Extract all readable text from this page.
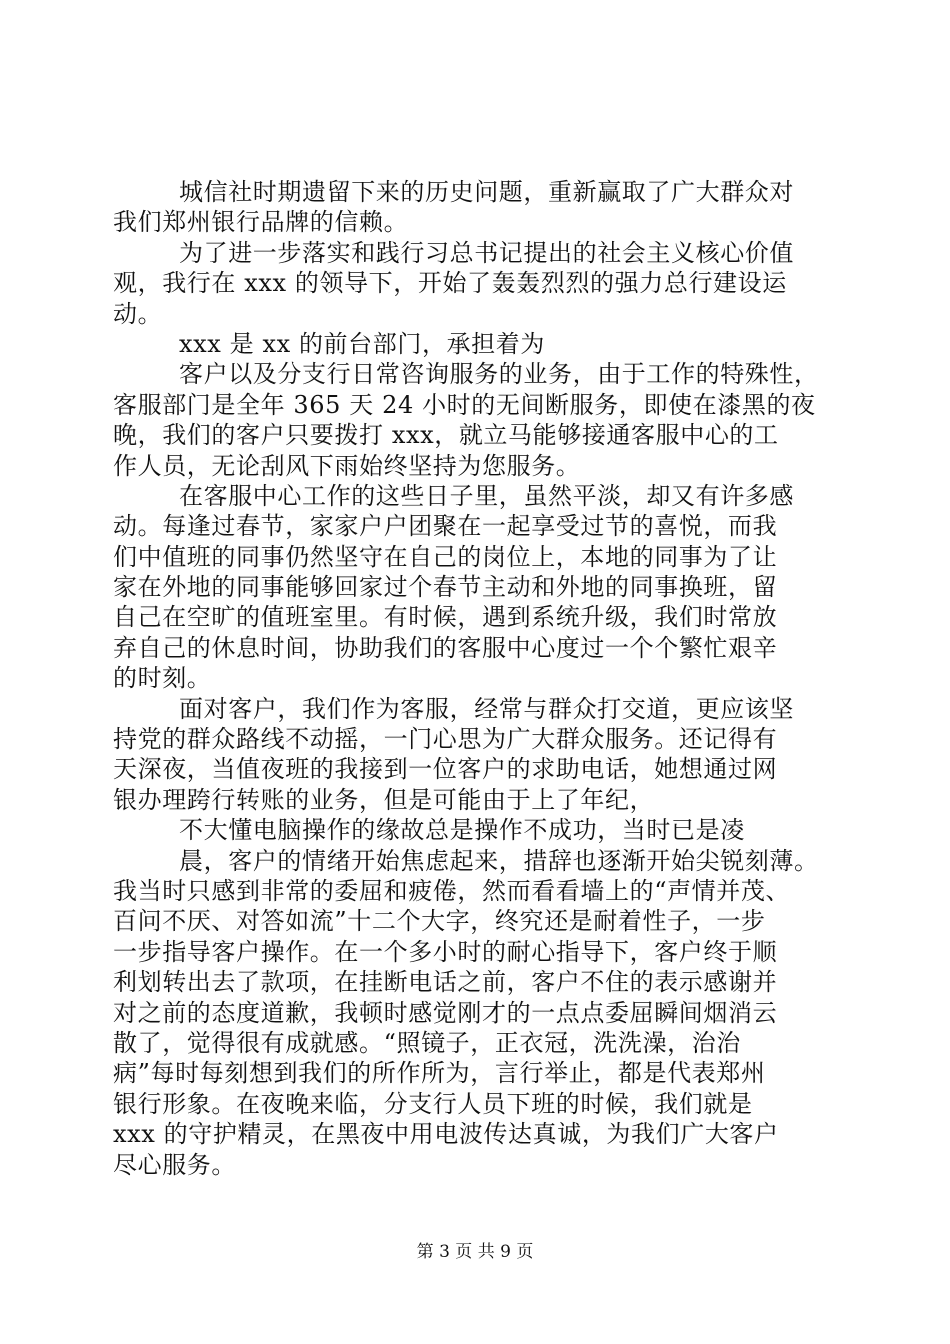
城信社时期遗留下来的历史问题，重新赢取了广大群众对
我们郑州银行品牌的信赖。
为了进一步落实和践行习总书记提出的社会主义核心价值
观，我行在 xxx 的领导下，开始了轰轰烈烈的强力总行建设运
动。
xxx 是 xx 的前台部门，承担着为
客户以及分支行日常咨询服务的业务，由于工作的特殊性，
客服部门是全年 365 天 24 小时的无间断服务，即使在漆黑的夜
晚，我们的客户只要拨打 xxx，就立马能够接通客服中心的工
作人员，无论刮风下雨始终坚持为您服务。
在客服中心工作的这些日子里，虽然平淡，却又有许多感
动。每逢过春节，家家户户团聚在一起享受过节的喜悦，而我
们中值班的同事仍然坚守在自己的岗位上，本地的同事为了让
家在外地的同事能够回家过个春节主动和外地的同事换班，留
自己在空旷的值班室里。有时候，遇到系统升级，我们时常放
弃自己的休息时间，协助我们的客服中心度过一个个繁忙艰辛
的时刻。
面对客户，我们作为客服，经常与群众打交道，更应该坚
持党的群众路线不动摇，一门心思为广大群众服务。还记得有
天深夜，当值夜班的我接到一位客户的求助电话，她想通过网
银办理跨行转账的业务，但是可能由于上了年纪，
不大懂电脑操作的缘故总是操作不成功，当时已是凌
晨，客户的情绪开始焦虑起来，措辞也逐渐开始尖锐刻薄。
我当时只感到非常的委屈和疲倦，然而看看墙上的“声情并茂、
百问不厌、对答如流”十二个大字，终究还是耐着性子，一步
一步指导客户操作。在一个多小时的耐心指导下，客户终于顺
利划转出去了款项，在挂断电话之前，客户不住的表示感谢并
对之前的态度道歉，我顿时感觉刚才的一点点委屈瞬间烟消云
散了，觉得很有成就感。“照镜子，正衣冠，洗洗澡，治治
病”每时每刻想到我们的所作所为，言行举止，都是代表郑州
银行形象。在夜晚来临，分支行人员下班的时候，我们就是
xxx 的守护精灵，在黑夜中用电波传达真诚，为我们广大客户
尽心服务。
第 3 页 共 9 页
